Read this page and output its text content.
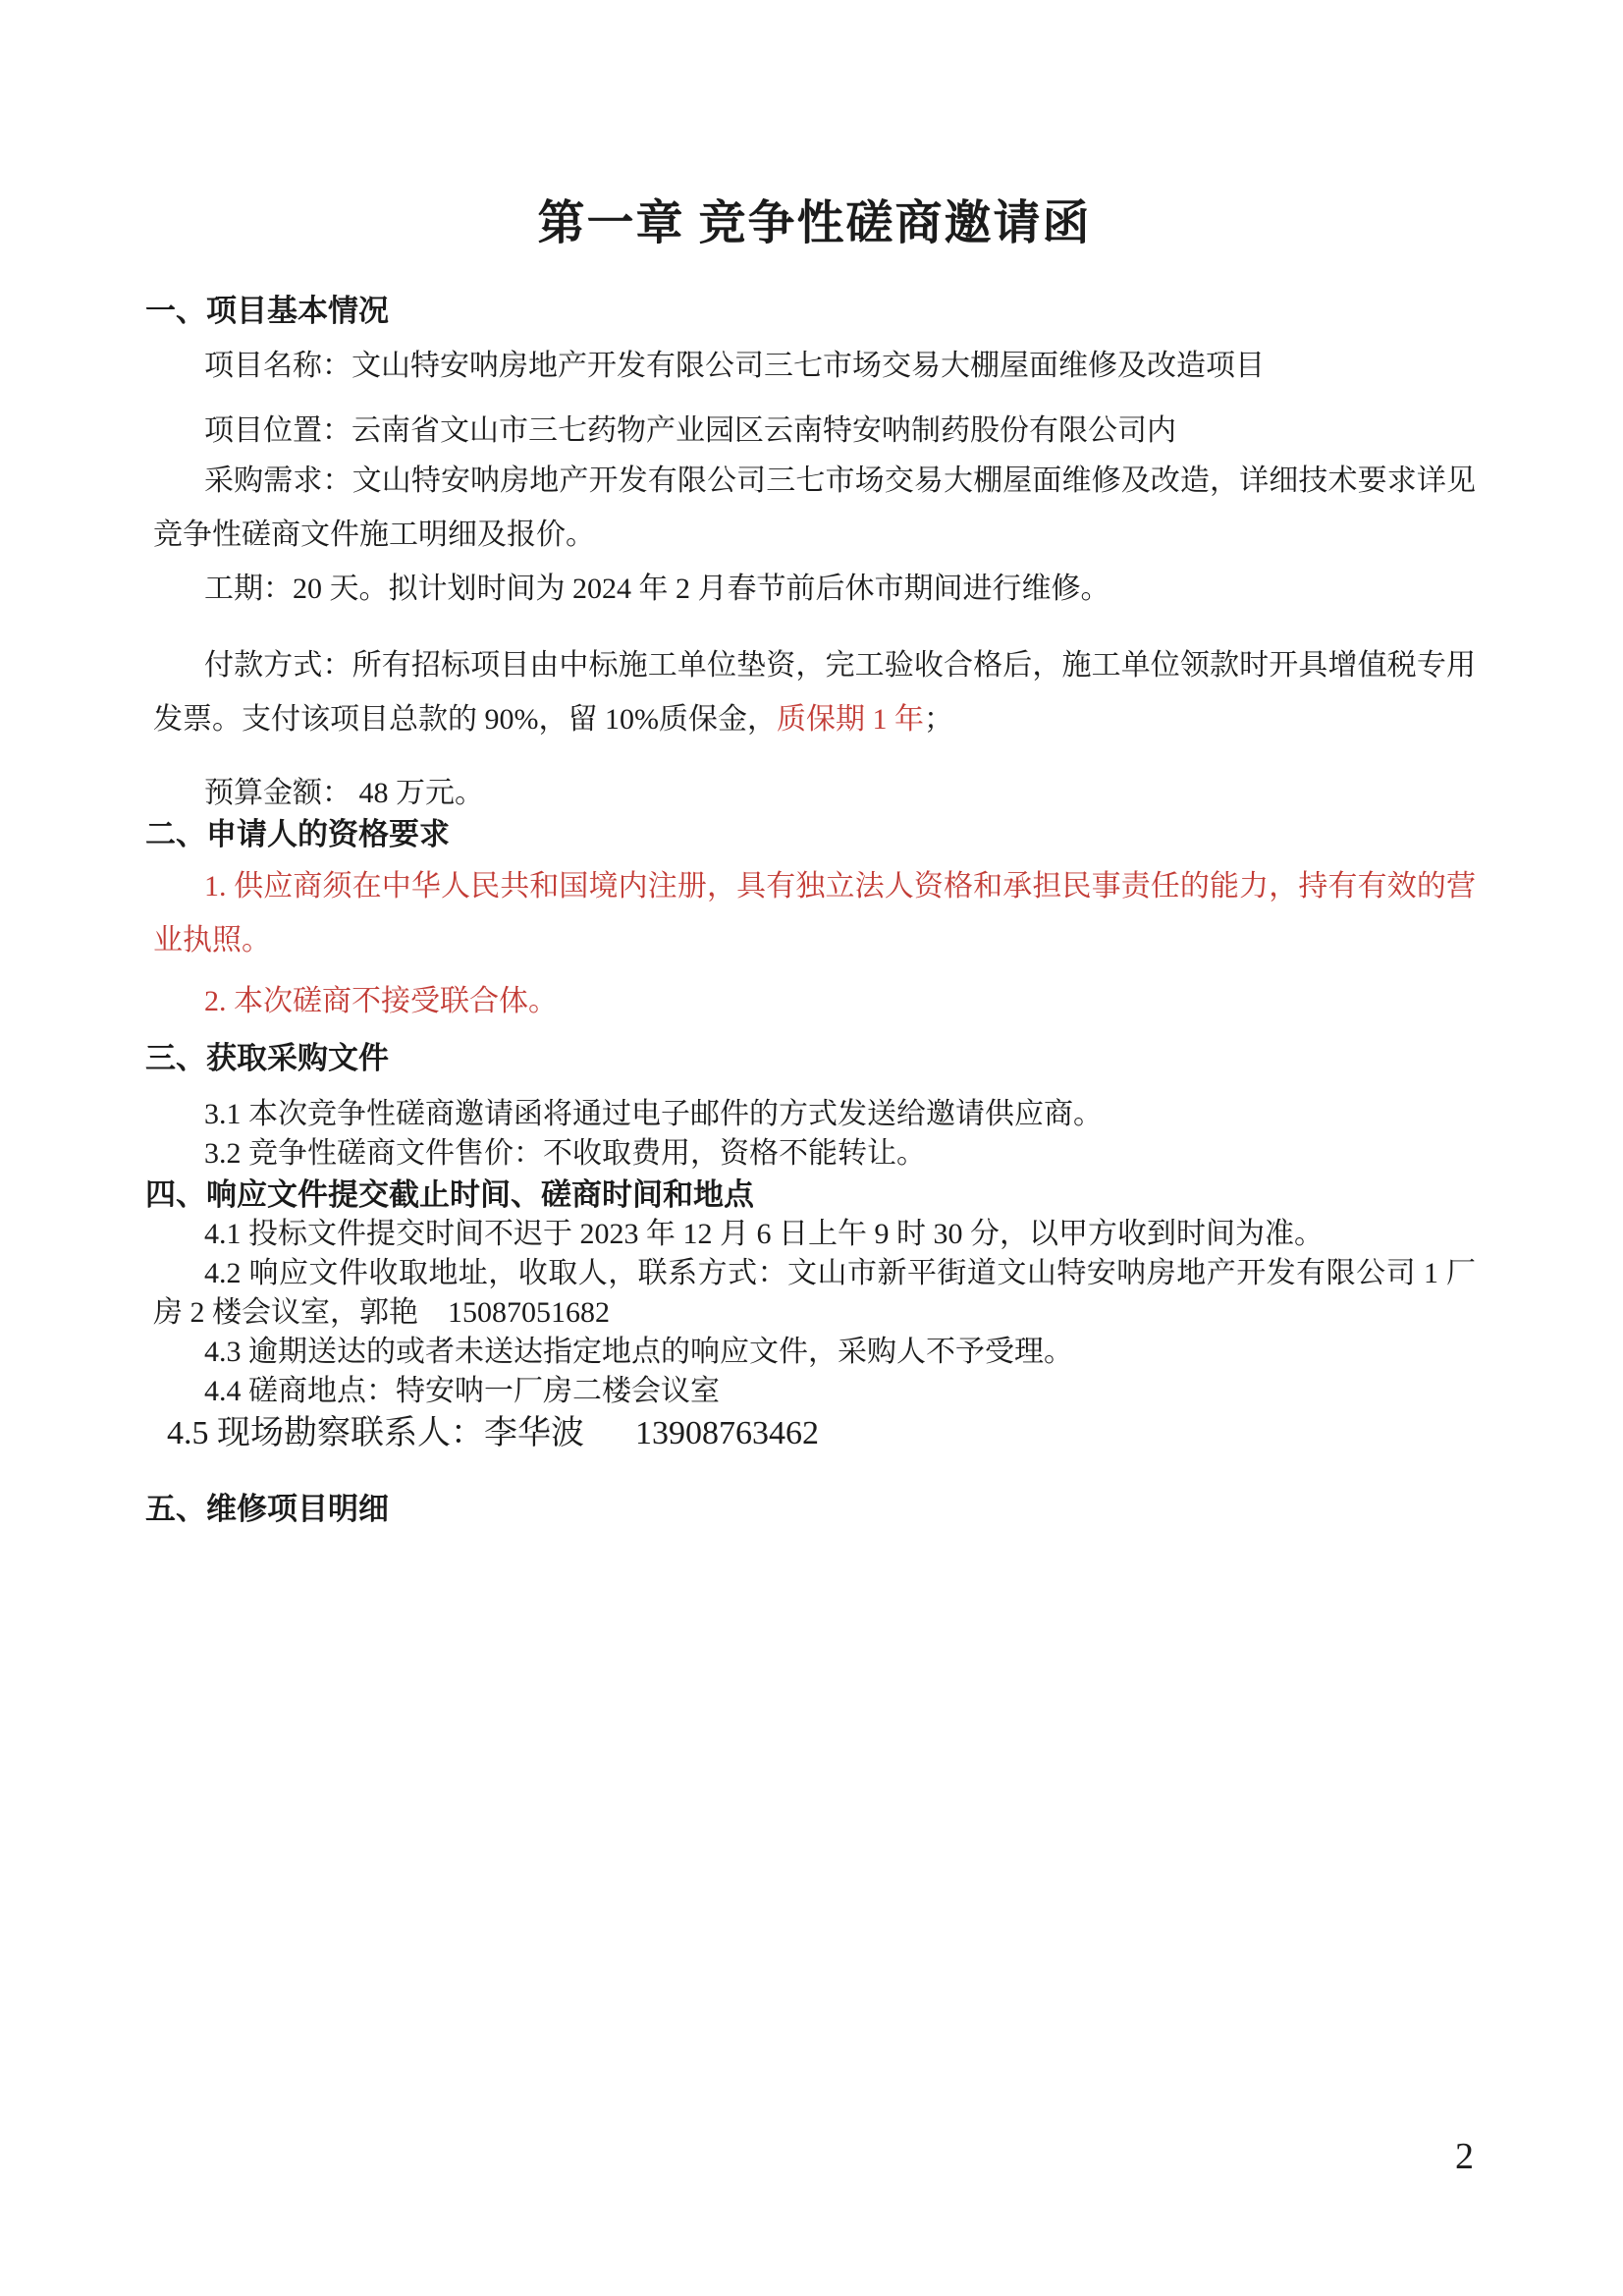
第一章 竞争性磋商邀请函
一、项目基本情况

项目名称：文山特安呐房地产开发有限公司三七市场交易大棚屋面维修及改造项目

项目位置：云南省文山市三七药物产业园区云南特安呐制药股份有限公司内

采购需求：文山特安呐房地产开发有限公司三七市场交易大棚屋面维修及改造，详细技术要求详见竞争性磋商文件施工明细及报价。

工期：20 天。拟计划时间为 2024 年 2 月春节前后休市期间进行维修。

付款方式：所有招标项目由中标施工单位垫资，完工验收合格后，施工单位领款时开具增值税专用发票。支付该项目总款的 90%，留 10%质保金，质保期 1 年；

预算金额： 48 万元。

二、申请人的资格要求

1. 供应商须在中华人民共和国境内注册，具有独立法人资格和承担民事责任的能力，持有有效的营业执照。

2. 本次磋商不接受联合体。

三、获取采购文件

3.1 本次竞争性磋商邀请函将通过电子邮件的方式发送给邀请供应商。

3.2 竞争性磋商文件售价：不收取费用，资格不能转让。

四、响应文件提交截止时间、磋商时间和地点

4.1 投标文件提交时间不迟于 2023 年 12 月 6 日上午 9 时 30 分，以甲方收到时间为准。

4.2 响应文件收取地址，收取人，联系方式：文山市新平街道文山特安呐房地产开发有限公司 1 厂房 2 楼会议室，郭艳　15087051682

4.3 逾期送达的或者未送达指定地点的响应文件，采购人不予受理。

4.4 磋商地点：特安呐一厂房二楼会议室

4.5 现场勘察联系人：李华波 13908763462

五、维修项目明细
2
